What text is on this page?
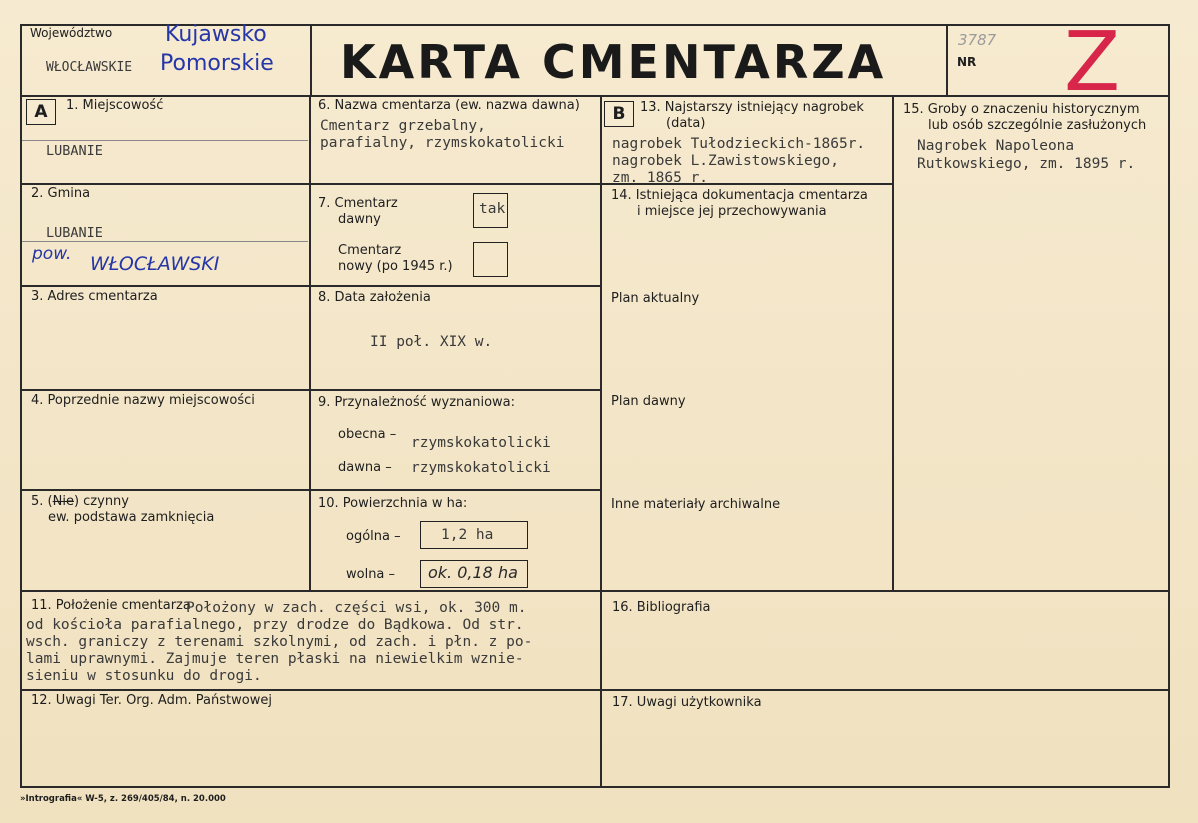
Województwo
WŁOCŁAWSKIE
Kujawsko
Pomorskie KARTA CMENTARZA	3787
NR Z
A	1. Miejscowość
LUBANIE
2. Gmina
LUBANIE
pow. WŁOCŁAWSKI
3. Adres cmentarza
4. Poprzednie nazwy miejscowości
5. (Nie) czynny
ew. podstawa zamknięcia
6. Nazwa cmentarza (ew. nazwa dawna)
Cmentarz grzebalny,
parafialny, rzymskokatolicki
7. Cmentarz
dawny
tak
Cmentarz
nowy (po 1945 r.)
8. Data założenia
II poł. XIX w.
9. Przynależność wyznaniowa:
obecna –
rzymskokatolicki
dawna – rzymskokatolicki
10. Powierzchnia w ha:
ogólna –	1,2 ha
wolna – ok. 0,18 ha
B	13. Najstarszy istniejący nagrobek
(data)
nagrobek Tułodzieckich-1865r.
nagrobek L.Zawistowskiego,
zm. 1865 r.
14. Istniejąca dokumentacja cmentarza
i miejsce jej przechowywania
Plan aktualny
Plan dawny
Inne materiały archiwalne
15. Groby o znaczeniu historycznym
lub osób szczególnie zasłużonych
Nagrobek Napoleona
Rutkowskiego, zm. 1895 r.
11. Położenie cmentarza
Położony w zach. części wsi, ok. 300 m.
od kościoła parafialnego, przy drodze do Bądkowa. Od str.
wsch. graniczy z terenami szkolnymi, od zach. i płn. z po-
lami uprawnymi. Zajmuje teren płaski na niewielkim wznie-
sieniu w stosunku do drogi.
12. Uwagi Ter. Org. Adm. Państwowej
16. Bibliografia
17. Uwagi użytkownika
»Intrografia« W-5, z. 269/405/84, n. 20.000
